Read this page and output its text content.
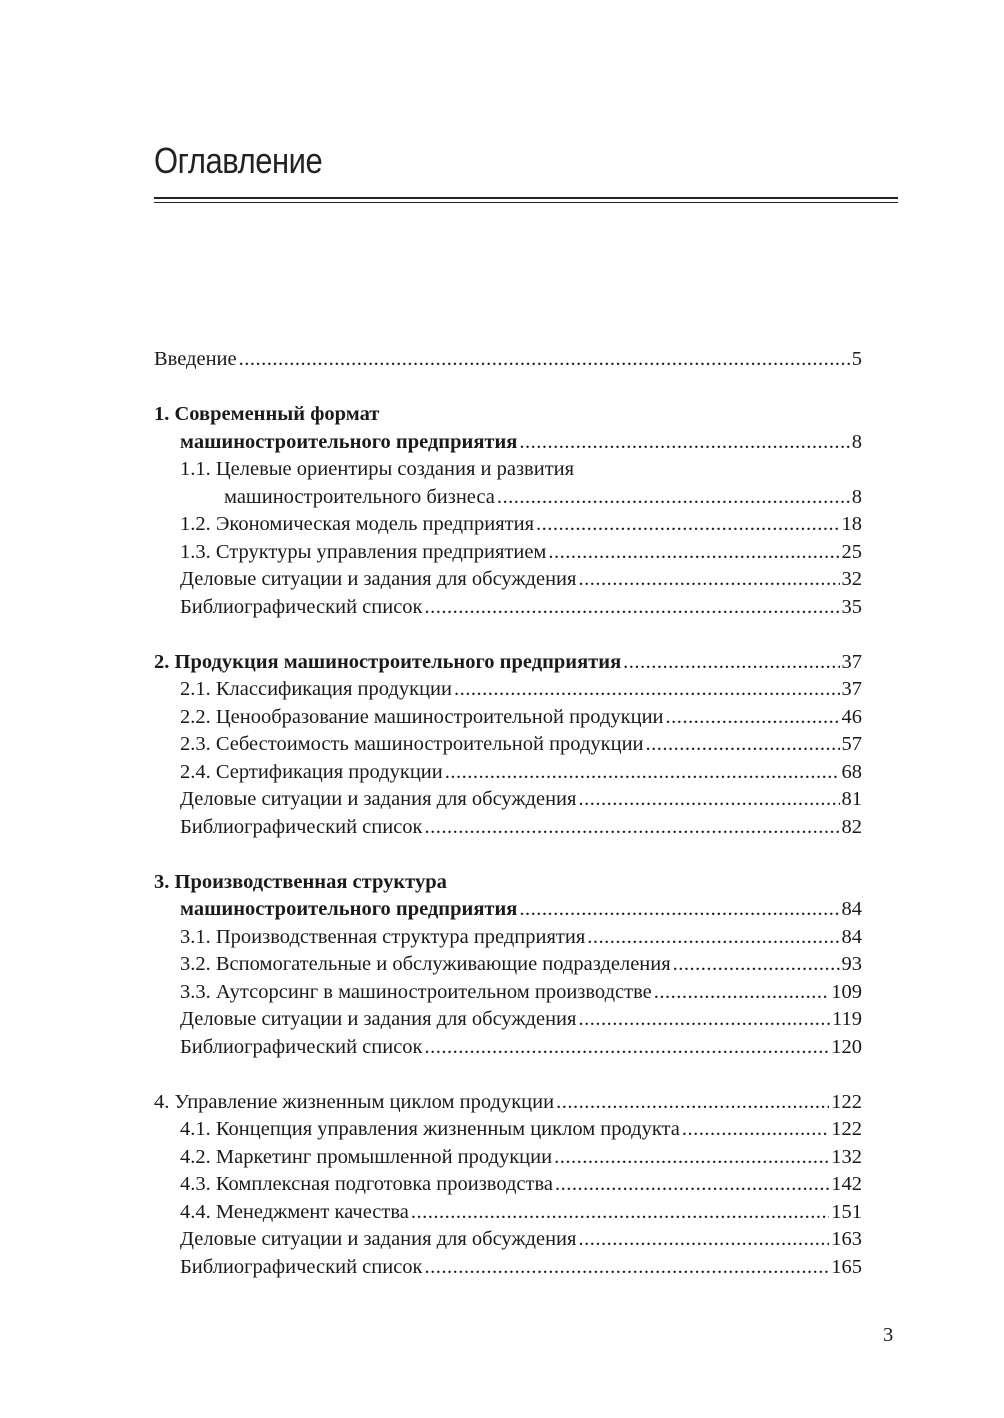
Оглавление
Введение .....	5
1. Современный формат
машиностроительного предприятия .....	8
1.1. Целевые ориентиры создания и развития
машиностроительного бизнеса .....	8
1.2. Экономическая модель предприятия .....	18
1.3. Структуры управления предприятием .....	25
Деловые ситуации и задания для обсуждения .....	32
Библиографический список .....	35
2. Продукция машиностроительного предприятия .....	37
2.1. Классификация продукции .....	37
2.2. Ценообразование машиностроительной продукции .....	46
2.3. Себестоимость машиностроительной продукции .....	57
2.4. Сертификация продукции .....	68
Деловые ситуации и задания для обсуждения .....	81
Библиографический список .....	82
3. Производственная структура
машиностроительного предприятия .....	84
3.1. Производственная структура предприятия .....	84
3.2. Вспомогательные и обслуживающие подразделения .....	93
3.3. Аутсорсинг в машиностроительном производстве .....	109
Деловые ситуации и задания для обсуждения .....	119
Библиографический список .....	120
4. Управление жизненным циклом продукции .....	122
4.1. Концепция управления жизненным циклом продукта .....	122
4.2. Маркетинг промышленной продукции .....	132
4.3. Комплексная подготовка производства .....	142
4.4. Менеджмент качества .....	151
Деловые ситуации и задания для обсуждения .....	163
Библиографический список .....	165
3
